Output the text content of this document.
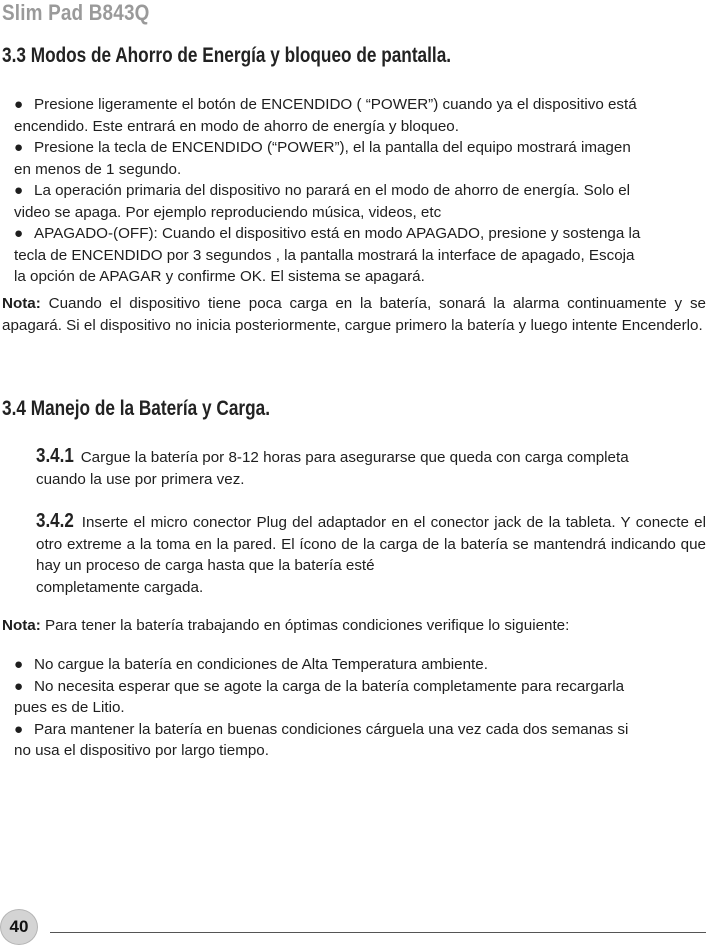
Slim Pad B843Q
3.3 Modos de Ahorro de Energía y bloqueo de pantalla.
● Presione ligeramente el botón de ENCENDIDO ( “POWER”) cuando ya el dispositivo está
encendido. Este entrará en modo de ahorro de energía y bloqueo.
● Presione la tecla de ENCENDIDO (“POWER”), el la pantalla del equipo mostrará imagen
en menos de 1 segundo.
● La operación primaria del dispositivo no parará en el modo de ahorro de energía. Solo el
video se apaga. Por ejemplo reproduciendo música, videos, etc
● APAGADO-(OFF): Cuando el dispositivo está en modo APAGADO, presione y sostenga la
tecla de ENCENDIDO por 3 segundos , la pantalla mostrará la interface de apagado, Escoja
la opción de APAGAR y confirme OK. El sistema se apagará.
Nota: Cuando el dispositivo tiene poca carga en la batería, sonará la alarma continuamente y se apagará. Si el dispositivo no inicia posteriormente, cargue primero la batería y luego intente Encenderlo.
3.4 Manejo de la Batería y Carga.
3.4.1 Cargue la batería por 8-12 horas para asegurarse que queda con carga completa
cuando la use por primera vez.
3.4.2 Inserte el micro conector Plug del adaptador en el conector jack de la tableta. Y conecte el otro extreme a la toma en la pared. El ícono de la carga de la batería se mantendrá indicando que hay un proceso de carga hasta que la batería esté
completamente cargada.
Nota: Para tener la batería trabajando en óptimas condiciones verifique lo siguiente:
● No cargue la batería en condiciones de Alta Temperatura ambiente.
● No necesita esperar que se agote la carga de la batería completamente para recargarla
pues es de Litio.
● Para mantener la batería en buenas condiciones cárguela una vez cada dos semanas si
no usa el dispositivo por largo tiempo.
40
